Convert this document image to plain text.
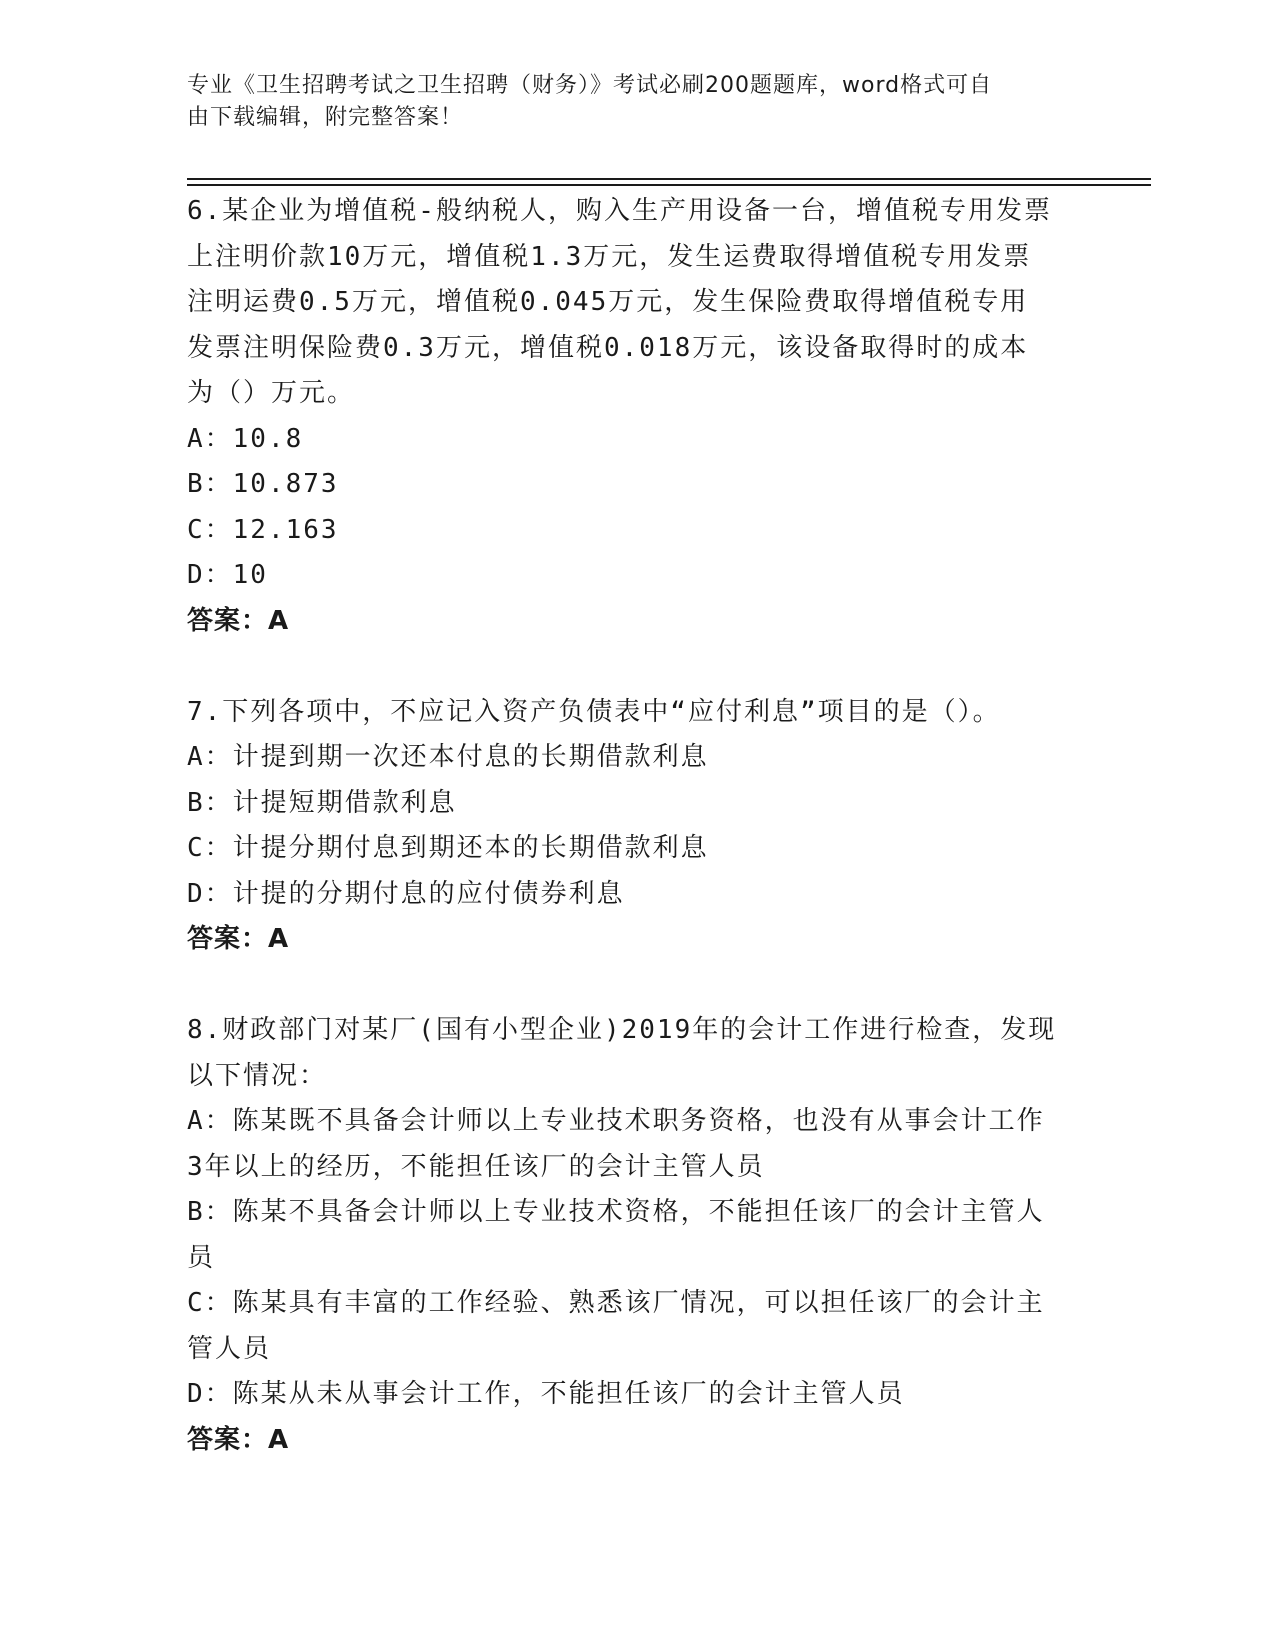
专业《卫生招聘考试之卫生招聘（财务）》考试必刷200题题库，word格式可自
由下载编辑，附完整答案！

6.某企业为增值税-般纳税人，购入生产用设备一台，增值税专用发票

上注明价款10万元，增值税1.3万元，发生运费取得增值税专用发票

注明运费0.5万元，增值税0.045万元，发生保险费取得增值税专用

发票注明保险费0.3万元，增值税0.018万元，该设备取得时的成本

为（）万元。

A：10.8

B：10.873

C：12.163

D：10

答案：A

7.下列各项中，不应记入资产负债表中“应付利息”项目的是（）。

A：计提到期一次还本付息的长期借款利息

B：计提短期借款利息

C：计提分期付息到期还本的长期借款利息

D：计提的分期付息的应付债券利息

答案：A

8.财政部门对某厂(国有小型企业)2019年的会计工作进行检查，发现

以下情况：

A：陈某既不具备会计师以上专业技术职务资格，也没有从事会计工作

3年以上的经历，不能担任该厂的会计主管人员

B：陈某不具备会计师以上专业技术资格，不能担任该厂的会计主管人

员

C：陈某具有丰富的工作经验、熟悉该厂情况，可以担任该厂的会计主

管人员

D：陈某从未从事会计工作，不能担任该厂的会计主管人员

答案：A
